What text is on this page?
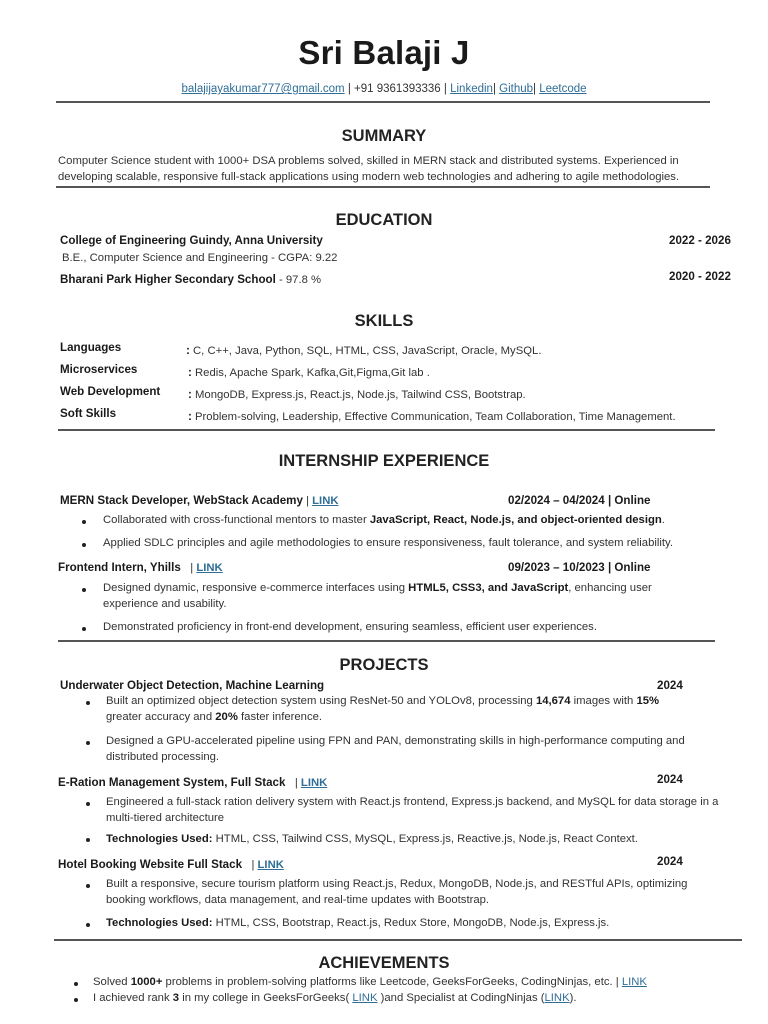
Sri Balaji J
balajijayakumar777@gmail.com | +91 9361393336 | Linkedin| Github| Leetcode
SUMMARY
Computer Science student with 1000+ DSA problems solved, skilled in MERN stack and distributed systems. Experienced in
developing scalable, responsive full-stack applications using modern web technologies and adhering to agile methodologies.
EDUCATION
College of Engineering Guindy, Anna University	2022 - 2026
B.E., Computer Science and Engineering - CGPA: 9.22
Bharani Park Higher Secondary School - 97.8 %	2020 - 2022
SKILLS
Languages	: C, C++, Java, Python, SQL, HTML, CSS, JavaScript, Oracle, MySQL.
Microservices	: Redis, Apache Spark, Kafka,Git,Figma,Git lab .
Web Development : MongoDB, Express.js, React.js, Node.js, Tailwind CSS, Bootstrap.
Soft Skills	: Problem-solving, Leadership, Effective Communication, Team Collaboration, Time Management.
INTERNSHIP EXPERIENCE
MERN Stack Developer, WebStack Academy | LINK	02/2024 – 04/2024 | Online
Collaborated with cross-functional mentors to master JavaScript, React, Node.js, and object-oriented design.
Applied SDLC principles and agile methodologies to ensure responsiveness, fault tolerance, and system reliability.
Frontend Intern, Yhills   | LINK	09/2023 – 10/2023 | Online
Designed dynamic, responsive e-commerce interfaces using HTML5, CSS3, and JavaScript, enhancing user
experience and usability.
Demonstrated proficiency in front-end development, ensuring seamless, efficient user experiences.
PROJECTS
Underwater Object Detection, Machine Learning	2024
Built an optimized object detection system using ResNet-50 and YOLOv8, processing 14,674 images with 15%
greater accuracy and 20% faster inference.
Designed a GPU-accelerated pipeline using FPN and PAN, demonstrating skills in high-performance computing and
distributed processing.
E-Ration Management System, Full Stack   | LINK	2024
Engineered a full-stack ration delivery system with React.js frontend, Express.js backend, and MySQL for data storage in a
multi-tiered architecture
Technologies Used: HTML, CSS, Tailwind CSS, MySQL, Express.js, Reactive.js, Node.js, React Context.
Hotel Booking Website Full Stack   | LINK	2024
Built a responsive, secure tourism platform using React.js, Redux, MongoDB, Node.js, and RESTful APIs, optimizing
booking workflows, data management, and real-time updates with Bootstrap.
Technologies Used: HTML, CSS, Bootstrap, React.js, Redux Store, MongoDB, Node.js, Express.js.
ACHIEVEMENTS
Solved 1000+ problems in problem-solving platforms like Leetcode, GeeksForGeeks, CodingNinjas, etc. | LINK
I achieved rank 3 in my college in GeeksForGeeks( LINK )and Specialist at CodingNinjas (LINK).
